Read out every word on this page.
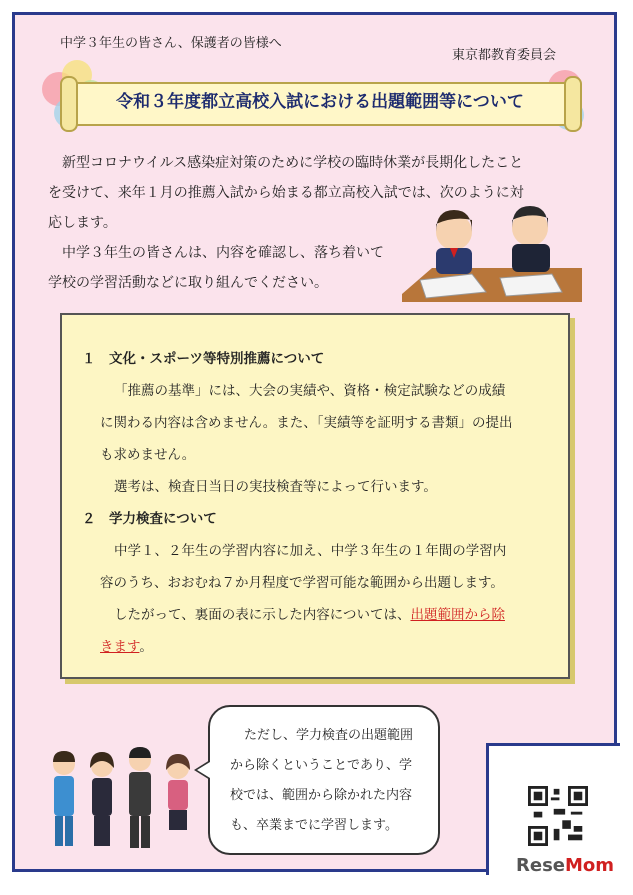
中学３年生の皆さん、保護者の皆様へ
東京都教育委員会
令和３年度都立高校入試における出題範囲等について

新型コロナウイルス感染症対策のために学校の臨時休業が長期化したこと

を受けて、来年１月の推薦入試から始まる都立高校入試では、次のように対

応します。

中学３年生の皆さんは、内容を確認し、落ち着いて

学校の学習活動などに取り組んでください。

１　文化・スポーツ等特別推薦について

「推薦の基準」には、大会の実績や、資格・検定試験などの成績

に関わる内容は含めません。また、「実績等を証明する書類」の提出

も求めません。

選考は、検査日当日の実技検査等によって行います。

２　学力検査について

中学１、２年生の学習内容に加え、中学３年生の１年間の学習内

容のうち、おおむね７か月程度で学習可能な範囲から出題します。

したがって、裏面の表に示した内容については、出題範囲から除

きます。

ただし、学力検査の出題範囲
から除くということであり、学
校では、範囲から除かれた内容
も、卒業までに学習します。
ReseMom
